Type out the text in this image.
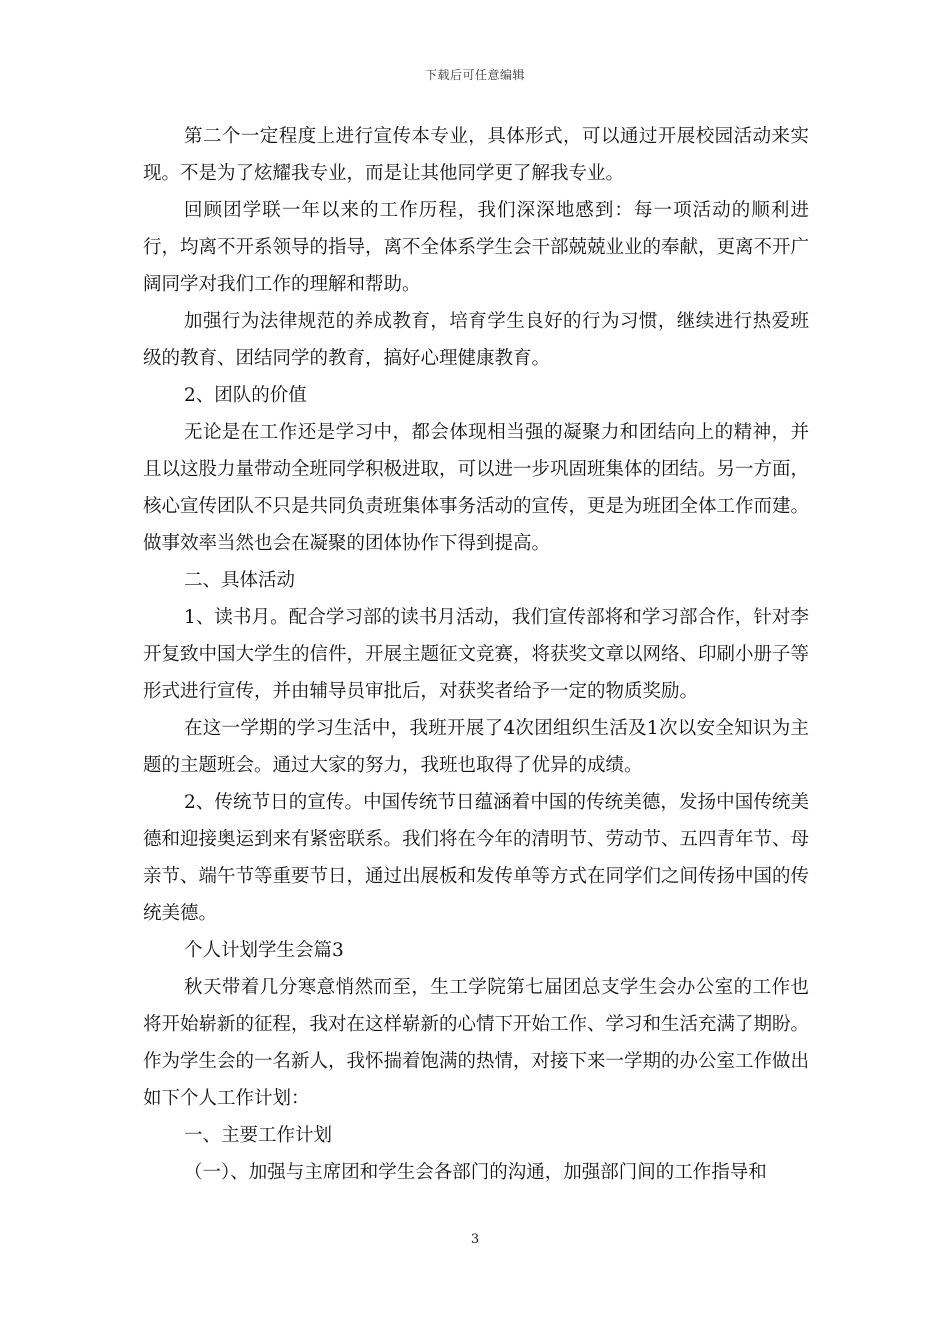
下载后可任意编辑

第二个一定程度上进行宣传本专业，具体形式，可以通过开展校园活动来实现。不是为了炫耀我专业，而是让其他同学更了解我专业。

回顾团学联一年以来的工作历程，我们深深地感到：每一项活动的顺利进行，均离不开系领导的指导，离不全体系学生会干部兢兢业业的奉献，更离不开广阔同学对我们工作的理解和帮助。

加强行为法律规范的养成教育，培育学生良好的行为习惯，继续进行热爱班级的教育、团结同学的教育，搞好心理健康教育。

2、团队的价值

无论是在工作还是学习中，都会体现相当强的凝聚力和团结向上的精神，并且以这股力量带动全班同学积极进取，可以进一步巩固班集体的团结。另一方面，核心宣传团队不只是共同负责班集体事务活动的宣传，更是为班团全体工作而建。做事效率当然也会在凝聚的团体协作下得到提高。

二、具体活动

1、读书月。配合学习部的读书月活动，我们宣传部将和学习部合作，针对李开复致中国大学生的信件，开展主题征文竞赛，将获奖文章以网络、印刷小册子等形式进行宣传，并由辅导员审批后，对获奖者给予一定的物质奖励。

在这一学期的学习生活中，我班开展了4次团组织生活及1次以安全知识为主题的主题班会。通过大家的努力，我班也取得了优异的成绩。

2、传统节日的宣传。中国传统节日蕴涵着中国的传统美德，发扬中国传统美德和迎接奥运到来有紧密联系。我们将在今年的清明节、劳动节、五四青年节、母亲节、端午节等重要节日，通过出展板和发传单等方式在同学们之间传扬中国的传统美德。

个人计划学生会篇3

秋天带着几分寒意悄然而至，生工学院第七届团总支学生会办公室的工作也将开始崭新的征程，我对在这样崭新的心情下开始工作、学习和生活充满了期盼。作为学生会的一名新人，我怀揣着饱满的热情，对接下来一学期的办公室工作做出如下个人工作计划：

一、主要工作计划

（一）、加强与主席团和学生会各部门的沟通，加强部门间的工作指导和

3
